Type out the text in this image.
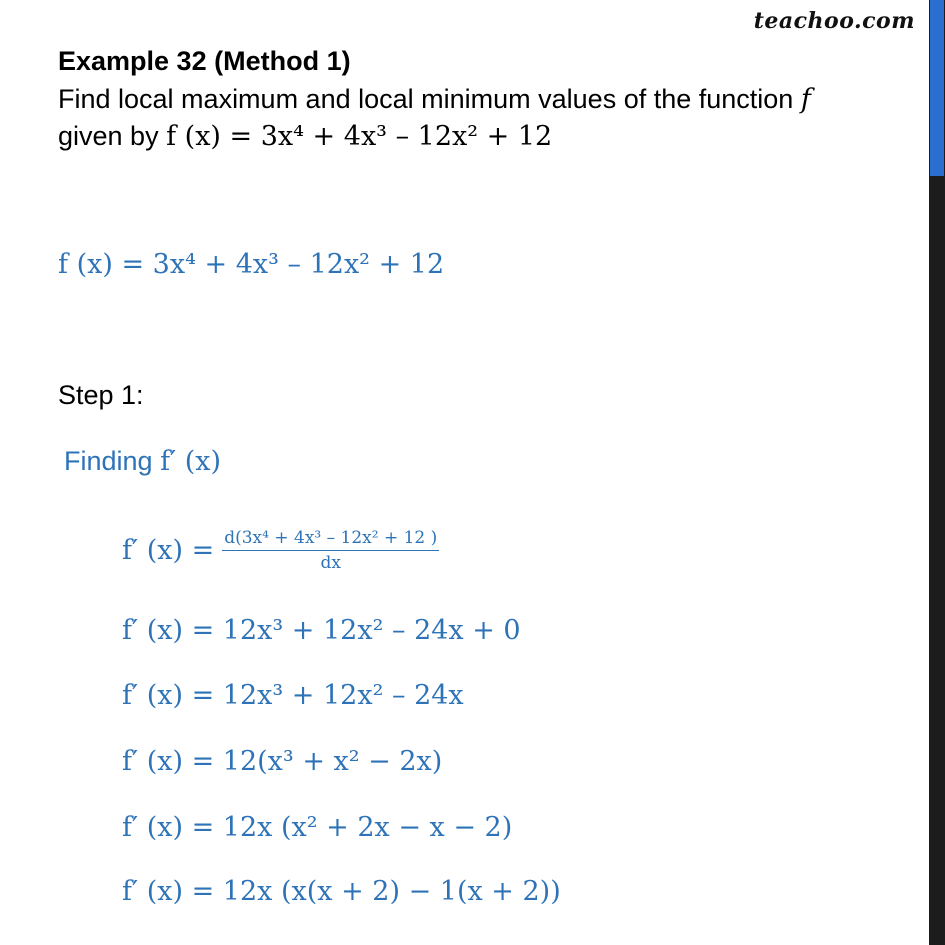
teachoo.com
Example 32 (Method 1)
Find local maximum and local minimum values of the function f
given by f (x) = 3x⁴ + 4x³ – 12x² + 12
f (x) = 3x⁴ + 4x³ – 12x² + 12
Step 1:
Finding f′ (x)
f′ $(x) = \frac{\text{d(3x⁴ + 4x³ – 12x² + 12 )}}{dx}$
f′ (x) = 12x³ + 12x² – 24x + 0
f′ (x) = 12x³ + 12x² – 24x
f′ (x) = 12(x³ + x² − 2x)
f′ (x) = 12x (x² + 2x − x − 2)
f′ (x) = 12x (x(x + 2) − 1(x + 2))
